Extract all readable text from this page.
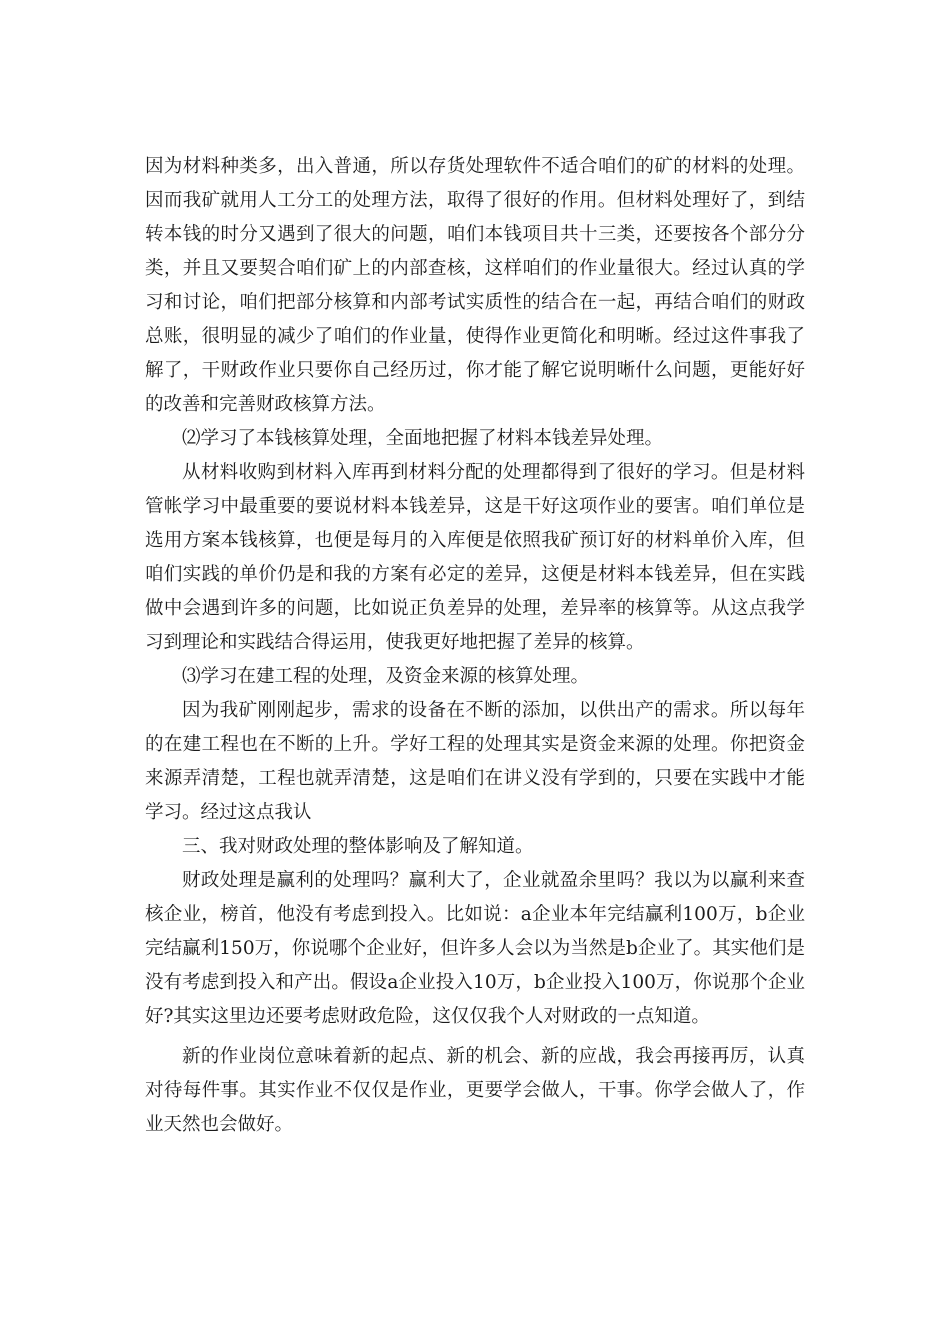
因为材料种类多，出入普通，所以存货处理软件不适合咱们的矿的材料的处理。因而我矿就用人工分工的处理方法，取得了很好的作用。但材料处理好了，到结转本钱的时分又遇到了很大的问题，咱们本钱项目共十三类，还要按各个部分分类，并且又要契合咱们矿上的内部查核，这样咱们的作业量很大。经过认真的学习和讨论，咱们把部分核算和内部考试实质性的结合在一起，再结合咱们的财政总账，很明显的减少了咱们的作业量，使得作业更简化和明晰。经过这件事我了解了，干财政作业只要你自己经历过，你才能了解它说明晰什么问题，更能好好的改善和完善财政核算方法。

⑵学习了本钱核算处理，全面地把握了材料本钱差异处理。

从材料收购到材料入库再到材料分配的处理都得到了很好的学习。但是材料管帐学习中最重要的要说材料本钱差异，这是干好这项作业的要害。咱们单位是选用方案本钱核算，也便是每月的入库便是依照我矿预订好的材料单价入库，但咱们实践的单价仍是和我的方案有必定的差异，这便是材料本钱差异，但在实践做中会遇到许多的问题，比如说正负差异的处理，差异率的核算等。从这点我学习到理论和实践结合得运用，使我更好地把握了差异的核算。

⑶学习在建工程的处理，及资金来源的核算处理。

因为我矿刚刚起步，需求的设备在不断的添加，以供出产的需求。所以每年的在建工程也在不断的上升。学好工程的处理其实是资金来源的处理。你把资金来源弄清楚，工程也就弄清楚，这是咱们在讲义没有学到的，只要在实践中才能学习。经过这点我认

三、我对财政处理的整体影响及了解知道。

财政处理是赢利的处理吗？赢利大了，企业就盈余里吗？我以为以赢利来查核企业，榜首，他没有考虑到投入。比如说：a企业本年完结赢利100万，b企业完结赢利150万，你说哪个企业好，但许多人会以为当然是b企业了。其实他们是没有考虑到投入和产出。假设a企业投入10万，b企业投入100万，你说那个企业好?其实这里边还要考虑财政危险，这仅仅我个人对财政的一点知道。

新的作业岗位意味着新的起点、新的机会、新的应战，我会再接再厉，认真对待每件事。其实作业不仅仅是作业，更要学会做人，干事。你学会做人了，作业天然也会做好。
